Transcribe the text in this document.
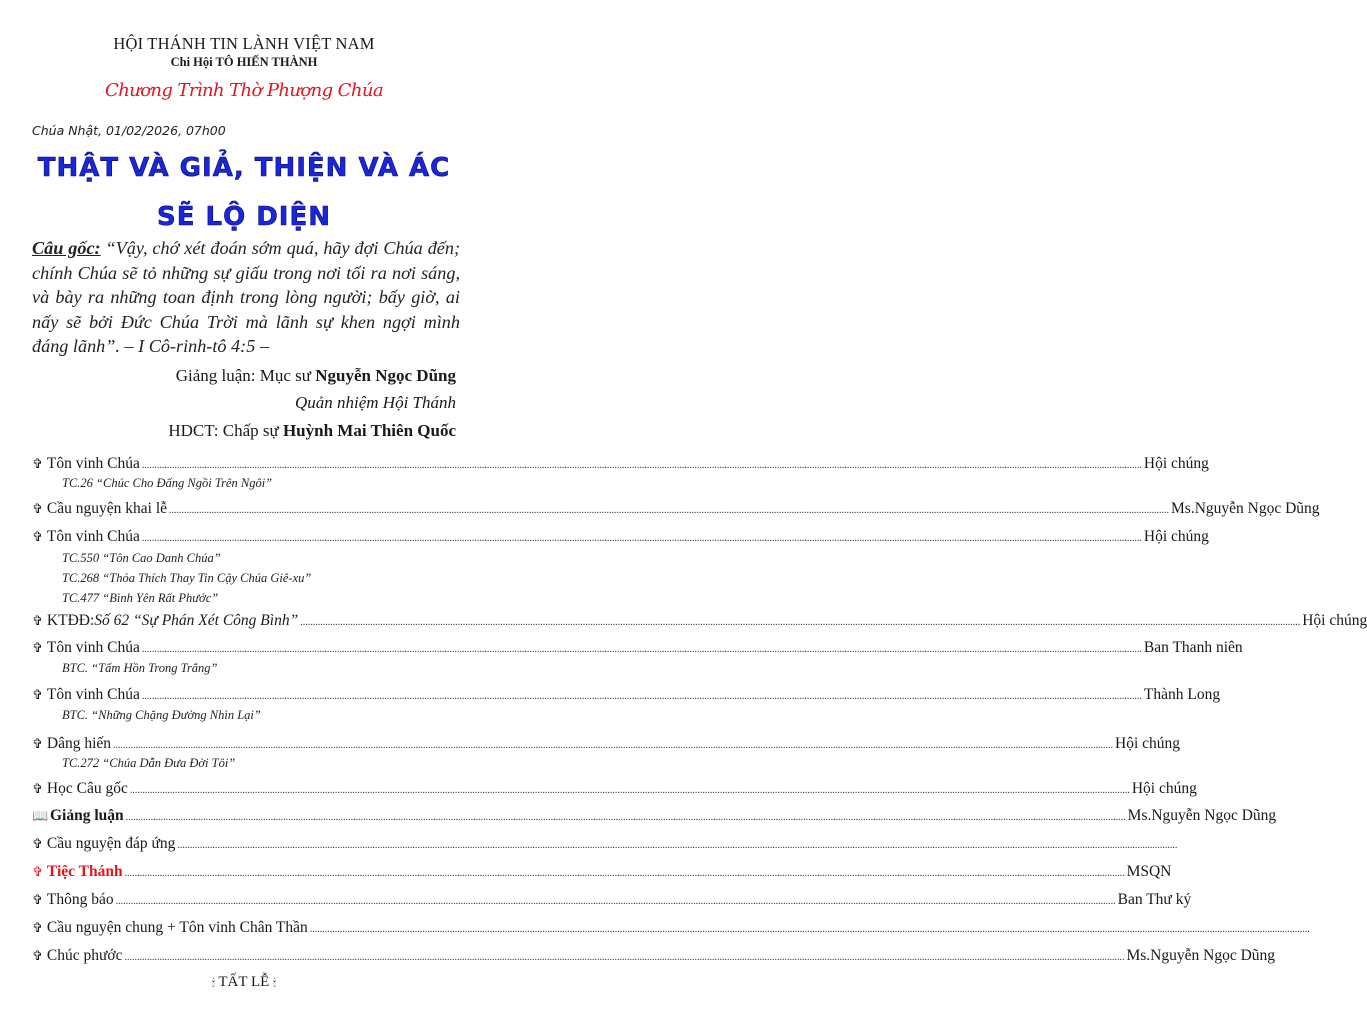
HỘI THÁNH TIN LÀNH VIỆT NAM
Chi Hội TÔ HIẾN THÀNH
Chương Trình Thờ Phượng Chúa
Chúa Nhật, 01/02/2026, 07h00
THẬT VÀ GIẢ, THIỆN VÀ ÁC
SẼ LỘ DIỆN
Câu gốc: “Vậy, chớ xét đoán sớm quá, hãy đợi Chúa đến; chính Chúa sẽ tỏ những sự giấu trong nơi tối ra nơi sáng, và bày ra những toan định trong lòng người; bấy giờ, ai nấy sẽ bởi Đức Chúa Trời mà lãnh sự khen ngợi mình đáng lãnh”. – I Cô-rinh-tô 4:5 –
Giảng luận: Mục sư Nguyễn Ngọc Dũng
Quản nhiệm Hội Thánh
HDCT: Chấp sự Huỳnh Mai Thiên Quốc
✞ Tôn vinh Chúa ................................................................................................................................................................................................................................................................................................................................................................................................................ Hội chúng
TC.26 “Chúc Cho Đấng Ngồi Trên Ngôi”
✞ Cầu nguyện khai lễ ................................................................................................................................................................................................................................................................................................................................................................................................................ Ms.Nguyễn Ngọc Dũng
✞ Tôn vinh Chúa ................................................................................................................................................................................................................................................................................................................................................................................................................ Hội chúng
TC.550 “Tôn Cao Danh Chúa”
TC.268 “Thỏa Thích Thay Tin Cậy Chúa Giê-xu”
TC.477 “Bình Yên Rất Phước”
✞ KTĐĐ: Số 62 “Sự Phán Xét Công Bình” ................................................................................................................................................................................................................................................................................................................................................................................................................ Hội chúng
✞ Tôn vinh Chúa ................................................................................................................................................................................................................................................................................................................................................................................................................ Ban Thanh niên
BTC. “Tấm Hồn Trong Trắng”
✞ Tôn vinh Chúa ................................................................................................................................................................................................................................................................................................................................................................................................................ Thành Long
BTC. “Những Chặng Đường Nhìn Lại”
✞ Dâng hiến ................................................................................................................................................................................................................................................................................................................................................................................................................ Hội chúng
TC.272 “Chúa Dẫn Đưa Đời Tôi”
✞ Học Câu gốc ................................................................................................................................................................................................................................................................................................................................................................................................................ Hội chúng
📖 Giảng luận ................................................................................................................................................................................................................................................................................................................................................................................................................ Ms.Nguyễn Ngọc Dũng
✞ Cầu nguyện đáp ứng ................................................................................................................................................................................................................................................................................................................................................................................................................
✞ Tiệc Thánh ................................................................................................................................................................................................................................................................................................................................................................................................................ MSQN
✞ Thông báo ................................................................................................................................................................................................................................................................................................................................................................................................................ Ban Thư ký
✞ Cầu nguyện chung + Tôn vinh Chân Thần ................................................................................................................................................................................................................................................................................................................................................................................................................
✞ Chúc phước ................................................................................................................................................................................................................................................................................................................................................................................................................ Ms.Nguyễn Ngọc Dũng
🕯 TẤT LỄ 🕯
